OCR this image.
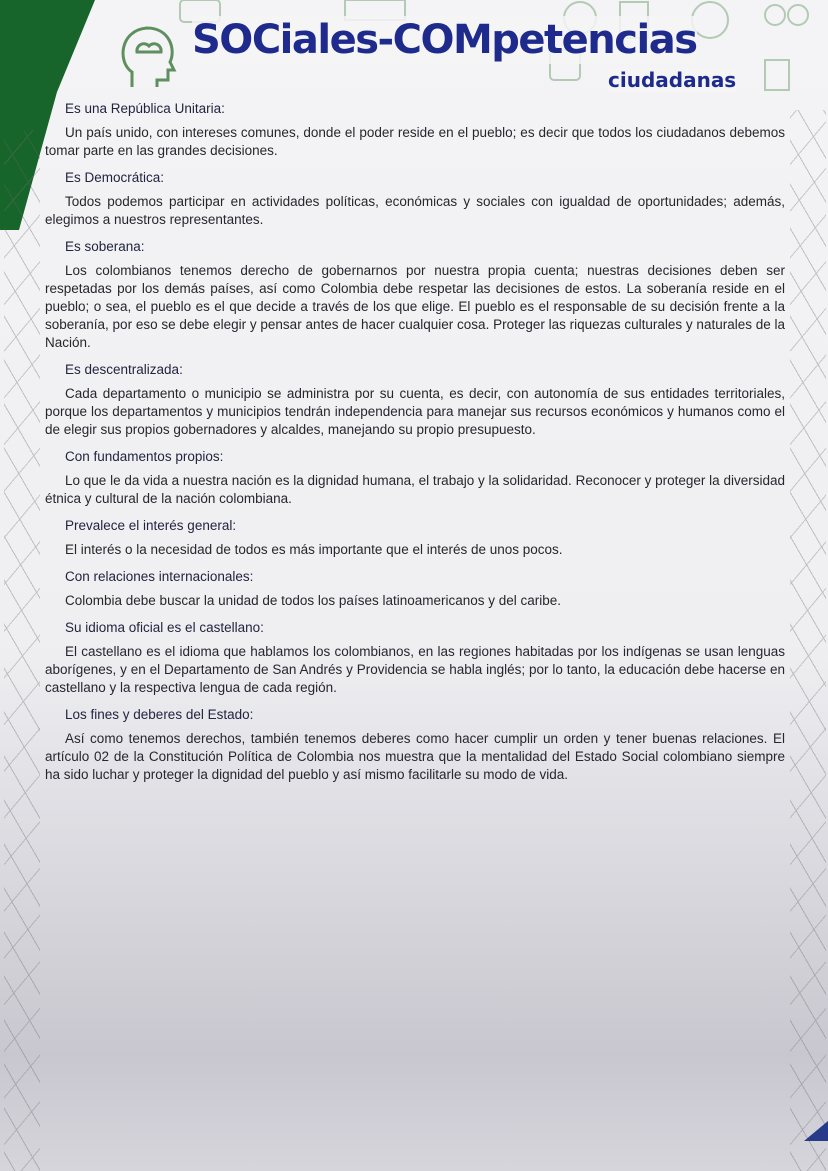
SOCiales-COMpetencias
ciudadanas
Es una República Unitaria:

Un país unido, con intereses comunes, donde el poder reside en el pueblo; es decir que todos los ciudadanos debemos tomar parte en las grandes decisiones.

Es Democrática:

Todos podemos participar en actividades políticas, económicas y sociales con igualdad de oportunidades; además, elegimos a nuestros representantes.

Es soberana:

Los colombianos tenemos derecho de gobernarnos por nuestra propia cuenta; nuestras decisiones deben ser respetadas por los demás países, así como Colombia debe respetar las decisiones de estos. La soberanía reside en el pueblo; o sea, el pueblo es el que decide a través de los que elige. El pueblo es el responsable de su decisión frente a la soberanía, por eso se debe elegir y pensar antes de hacer cualquier cosa. Proteger las riquezas culturales y naturales de la Nación.

Es descentralizada:

Cada departamento o municipio se administra por su cuenta, es decir, con autonomía de sus entidades territoriales, porque los departamentos y municipios tendrán independencia para manejar sus recursos económicos y humanos como el de elegir sus propios gobernadores y alcaldes, manejando su propio presupuesto.

Con fundamentos propios:

Lo que le da vida a nuestra nación es la dignidad humana, el trabajo y la solidaridad. Reconocer y proteger la diversidad étnica y cultural de la nación colombiana.

Prevalece el interés general:

El interés o la necesidad de todos es más importante que el interés de unos pocos.

Con relaciones internacionales:

Colombia debe buscar la unidad de todos los países latinoamericanos y del caribe.

Su idioma oficial es el castellano:

El castellano es el idioma que hablamos los colombianos, en las regiones habitadas por los indígenas se usan lenguas aborígenes, y en el Departamento de San Andrés y Providencia se habla inglés; por lo tanto, la educación debe hacerse en castellano y la respectiva lengua de cada región.

Los fines y deberes del Estado:

Así como tenemos derechos, también tenemos deberes como hacer cumplir un orden y tener buenas relaciones. El artículo 02 de la Constitución Política de Colombia nos muestra que la mentalidad del Estado Social colombiano siempre ha sido luchar y proteger la dignidad del pueblo y así mismo facilitarle su modo de vida.
